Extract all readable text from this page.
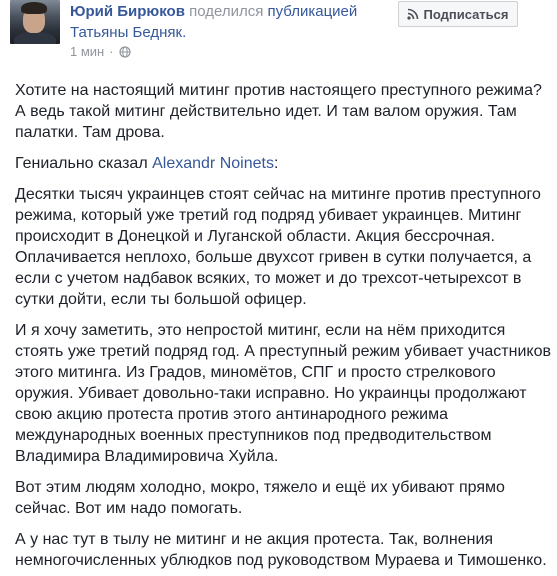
Юрий Бирюков поделился публикацией
Татьяны Бедняк.
1 мин ·
Подписаться

Хотите на настоящий митинг против настоящего преступного режима? А ведь такой митинг действительно идет. И там валом оружия. Там палатки. Там дрова.

Гениально сказал Alexandr Noinets:

Десятки тысяч украинцев стоят сейчас на митинге против преступного режима, который уже третий год подряд убивает украинцев. Митинг происходит в Донецкой и Луганской области. Акция бессрочная. Оплачивается неплохо, больше двухсот гривен в сутки получается, а если с учетом надбавок всяких, то может и до трехсот-четырехсот в сутки дойти, если ты большой офицер.

И я хочу заметить, это непростой митинг, если на нём приходится стоять уже третий подряд год. А преступный режим убивает участников этого митинга. Из Градов, миномётов, СПГ и просто стрелкового оружия. Убивает довольно-таки исправно. Но украинцы продолжают свою акцию протеста против этого антинародного режима международных военных преступников под предводительством Владимира Владимировича Хуйла.

Вот этим людям холодно, мокро, тяжело и ещё их убивают прямо сейчас. Вот им надо помогать.

А у нас тут в тылу не митинг и не акция протеста. Так, волнения немногочисленных ублюдков под руководством Мураева и Тимошенко.
